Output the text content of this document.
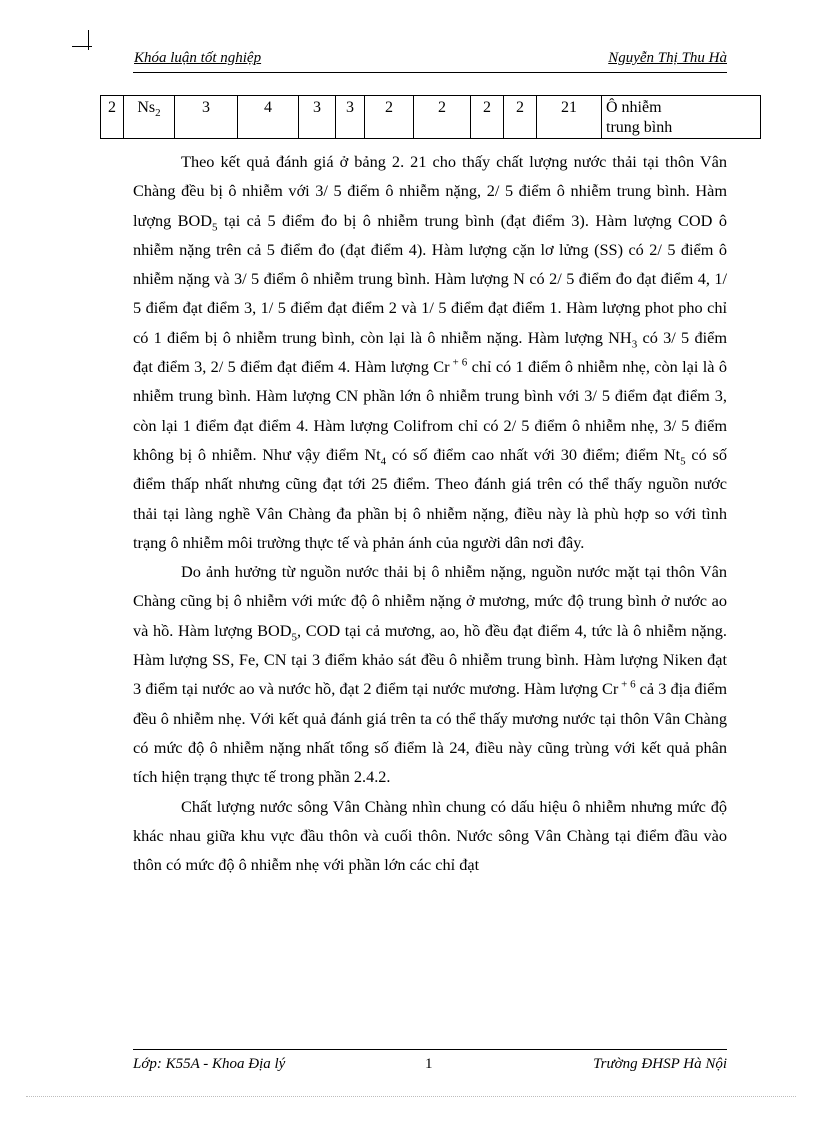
Khóa luận tốt nghiệp	Nguyễn Thị Thu Hà
2	$Ns_2$	3	4	3	3	2	2	2	2	21	Ô nhiễm
trung bình

Theo kết quả đánh giá ở bảng 2. 21 cho thấy chất lượng nước thải tại thôn Vân Chàng đều bị ô nhiễm với 3/ 5 điểm ô nhiễm nặng, 2/ 5 điểm ô nhiễm trung bình. Hàm lượng $BOD_5$ tại cả 5 điểm đo bị ô nhiễm trung bình (đạt điểm 3). Hàm lượng COD ô nhiễm nặng trên cả 5 điểm đo (đạt điểm 4). Hàm lượng cặn lơ lửng (SS) có 2/ 5 điểm ô nhiễm nặng và 3/ 5 điểm ô nhiễm trung bình. Hàm lượng N có 2/ 5 điểm đo đạt điểm 4, 1/ 5 điểm đạt điểm 3, 1/ 5 điểm đạt điểm 2 và 1/ 5 điểm đạt điểm 1. Hàm lượng phot pho chỉ có 1 điểm bị ô nhiễm trung bình, còn lại là ô nhiễm nặng. Hàm lượng $NH_3$ có 3/ 5 điểm đạt điểm 3, 2/ 5 điểm đạt điểm 4. Hàm lượng Cr $^{+ 6}$ chỉ có 1 điểm ô nhiễm nhẹ, còn lại là ô nhiễm trung bình. Hàm lượng CN phần lớn ô nhiễm trung bình với 3/ 5 điểm đạt điểm 3, còn lại 1 điểm đạt điểm 4. Hàm lượng Colifrom chỉ có 2/ 5 điểm ô nhiễm nhẹ, 3/ 5 điểm không bị ô nhiễm. Như vậy điểm $Nt_4$ có số điểm cao nhất với 30 điểm; điểm $Nt_5$ có số điểm thấp nhất nhưng cũng đạt tới 25 điểm. Theo đánh giá trên có thể thấy nguồn nước thải tại làng nghề Vân Chàng đa phần bị ô nhiễm nặng, điều này là phù hợp so với tình trạng ô nhiễm môi trường thực tế và phản ánh của người dân nơi đây.

Do ảnh hưởng từ nguồn nước thải bị ô nhiễm nặng, nguồn nước mặt tại thôn Vân Chàng cũng bị ô nhiễm với mức độ ô nhiễm nặng ở mương, mức độ trung bình ở nước ao và hồ. Hàm lượng $BOD_5$, COD tại cả mương, ao, hồ đều đạt điểm 4, tức là ô nhiễm nặng. Hàm lượng SS, Fe, CN tại 3 điểm khảo sát đều ô nhiễm trung bình. Hàm lượng Niken đạt 3 điểm tại nước ao và nước hồ, đạt 2 điểm tại nước mương. Hàm lượng Cr $^{+ 6}$ cả 3 địa điểm đều ô nhiễm nhẹ. Với kết quả đánh giá trên ta có thể thấy mương nước tại thôn Vân Chàng có mức độ ô nhiễm nặng nhất tổng số điểm là 24, điều này cũng trùng với kết quả phân tích hiện trạng thực tế trong phần 2.4.2.

Chất lượng nước sông Vân Chàng nhìn chung có dấu hiệu ô nhiễm nhưng mức độ khác nhau giữa khu vực đầu thôn và cuối thôn. Nước sông Vân Chàng tại điểm đầu vào thôn có mức độ ô nhiễm nhẹ với phần lớn các chỉ đạt

Lớp: K55A - Khoa Địa lý	1	Trường ĐHSP Hà Nội
